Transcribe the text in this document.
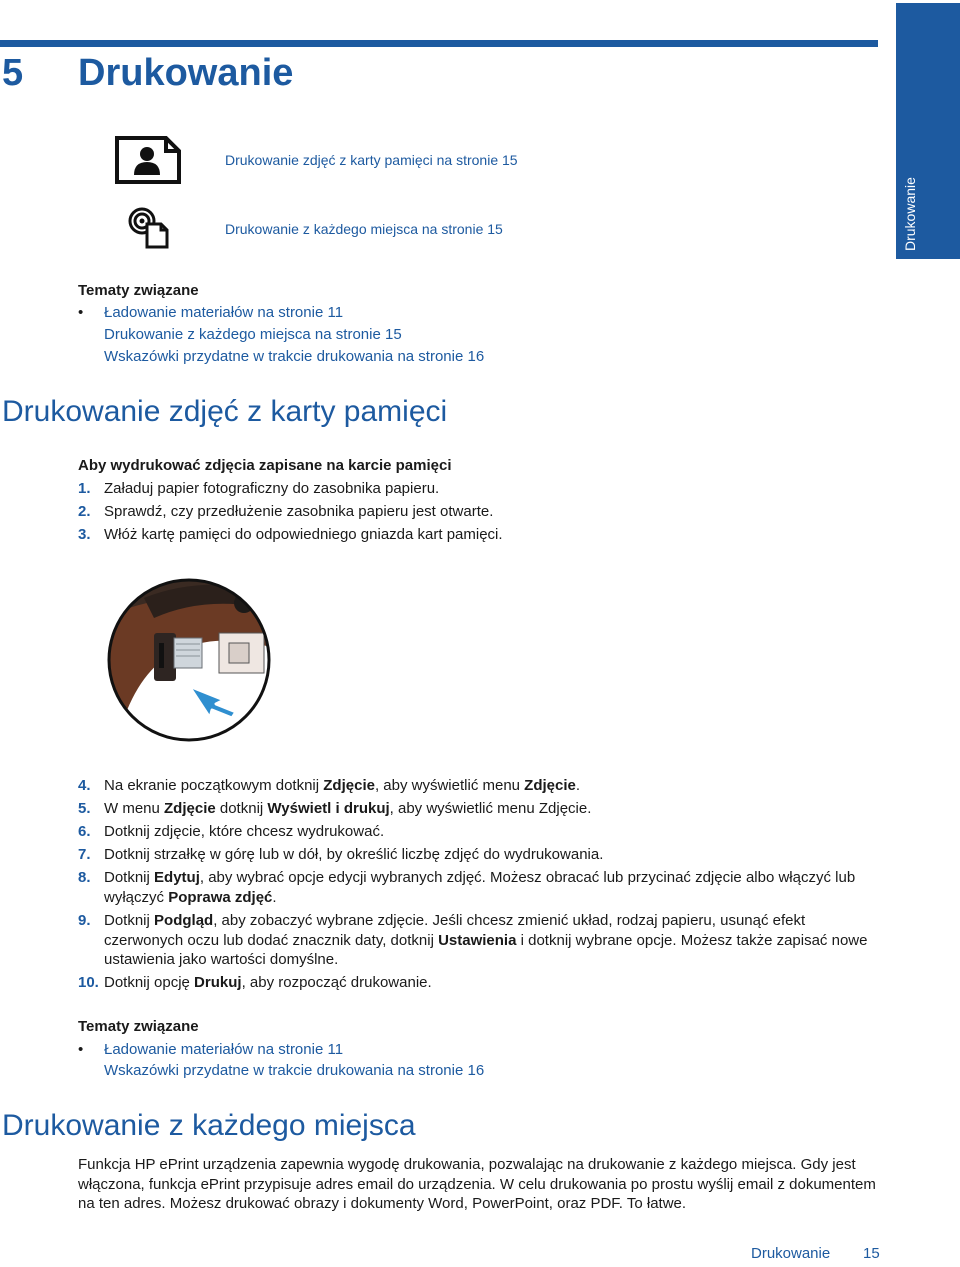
Drukowanie
5 Drukowanie
Drukowanie zdjęć z karty pamięci na stronie 15
Drukowanie z każdego miejsca na stronie 15
Tematy związane
• Ładowanie materiałów na stronie 11
Drukowanie z każdego miejsca na stronie 15
Wskazówki przydatne w trakcie drukowania na stronie 16
Drukowanie zdjęć z karty pamięci
Aby wydrukować zdjęcia zapisane na karcie pamięci
1. Załaduj papier fotograficzny do zasobnika papieru.
2. Sprawdź, czy przedłużenie zasobnika papieru jest otwarte.
3. Włóż kartę pamięci do odpowiedniego gniazda kart pamięci.
4. Na ekranie początkowym dotknij Zdjęcie, aby wyświetlić menu Zdjęcie.
5. W menu Zdjęcie dotknij Wyświetl i drukuj, aby wyświetlić menu Zdjęcie.
6. Dotknij zdjęcie, które chcesz wydrukować.
7. Dotknij strzałkę w górę lub w dół, by określić liczbę zdjęć do wydrukowania.
8. Dotknij Edytuj, aby wybrać opcje edycji wybranych zdjęć. Możesz obracać lub przycinać zdjęcie albo włączyć lub wyłączyć Poprawa zdjęć.
9. Dotknij Podgląd, aby zobaczyć wybrane zdjęcie. Jeśli chcesz zmienić układ, rodzaj papieru, usunąć efekt czerwonych oczu lub dodać znacznik daty, dotknij Ustawienia i dotknij wybrane opcje. Możesz także zapisać nowe ustawienia jako wartości domyślne.
10. Dotknij opcję Drukuj, aby rozpocząć drukowanie.
Tematy związane
• Ładowanie materiałów na stronie 11
Wskazówki przydatne w trakcie drukowania na stronie 16
Drukowanie z każdego miejsca
Funkcja HP ePrint urządzenia zapewnia wygodę drukowania, pozwalając na drukowanie z każdego miejsca. Gdy jest włączona, funkcja ePrint przypisuje adres email do urządzenia. W celu drukowania po prostu wyślij email z dokumentem na ten adres. Możesz drukować obrazy i dokumenty Word, PowerPoint, oraz PDF. To łatwe.
Drukowanie 15
